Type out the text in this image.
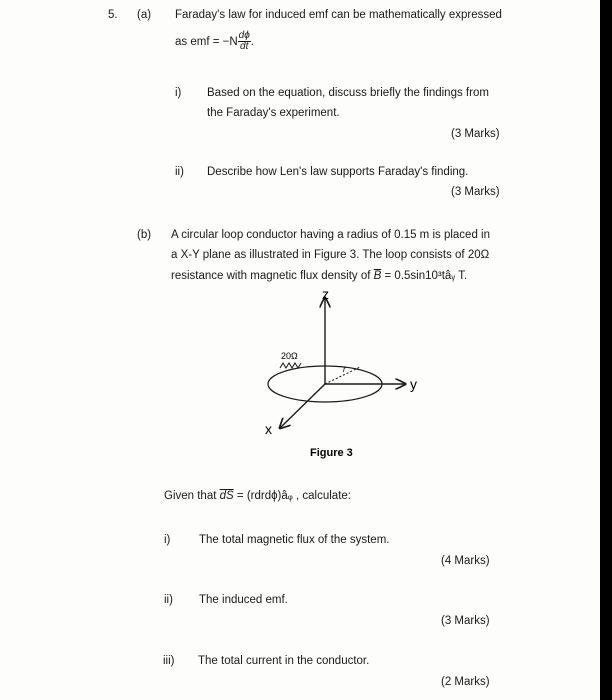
5. (a) Faraday's law for induced emf can be mathematically expressed
as emf = $-N \frac{d\phi}{dt}$ .
i) Based on the equation, discuss briefly the findings from
the Faraday's experiment.
(3 Marks)
ii) Describe how Len's law supports Faraday's finding.
(3 Marks)
(b) A circular loop conductor having a radius of 0.15 m is placed in
a X-Y plane as illustrated in Figure 3. The loop consists of 20Ω
resistance with magnetic flux density of $\overline{B}$ = 0.5sin10³tâᵧ T.
z
y
x
r
20Ω
Figure 3
Given that $\overline{dS}$ = (rdrdϕ)âᵩ , calculate:
i) The total magnetic flux of the system.
(4 Marks)
ii) The induced emf.
(3 Marks)
iii) The total current in the conductor.
(2 Marks)
